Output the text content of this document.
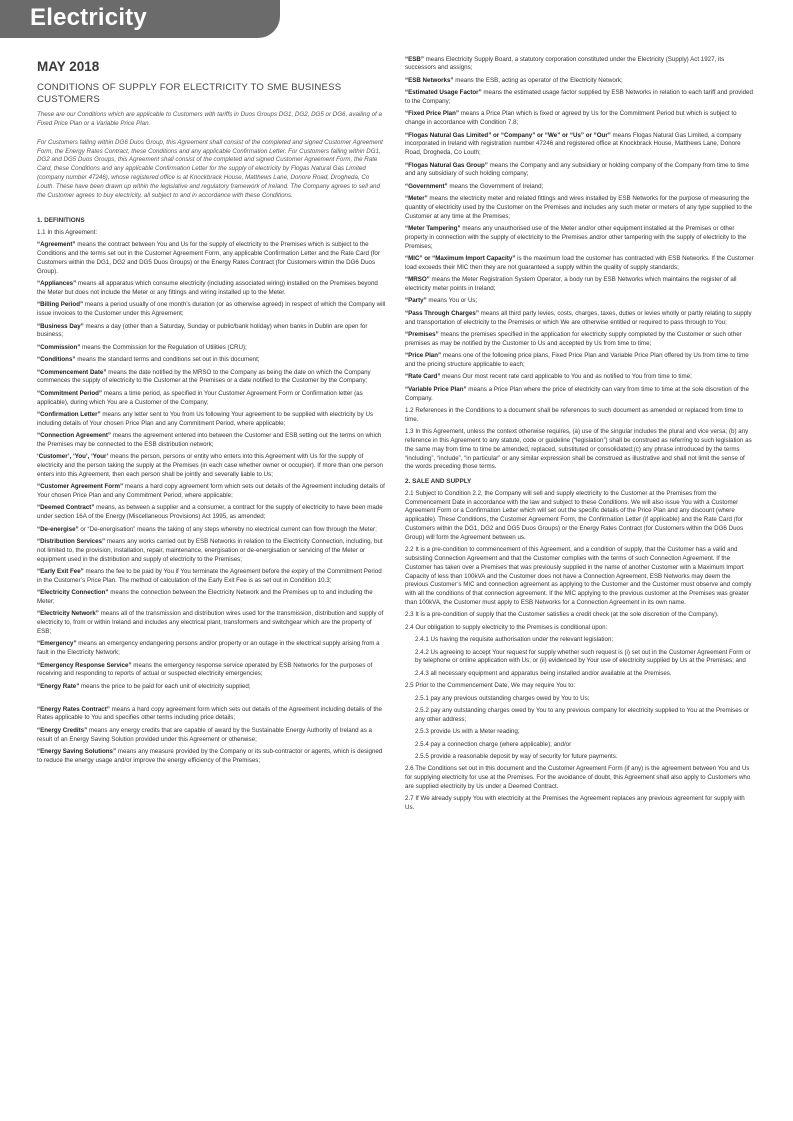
Electricity
MAY 2018
CONDITIONS OF SUPPLY FOR ELECTRICITY TO SME BUSINESS CUSTOMERS
These are our Conditions which are applicable to Customers with tariffs in Duos Groups DG1, DG2, DG5 or DG6, availing of a Fixed Price Plan or a Variable Price Plan.
For Customers falling within DG6 Duos Group, this Agreement shall consist of the completed and signed Customer Agreement Form, the Energy Rates Contract, these Conditions and any applicable Confirmation Letter. For Customers falling within DG1, DG2 and DG5 Duos Groups, this Agreement shall consist of the completed and signed Customer Agreement Form, the Rate Card, these Conditions and any applicable Confirmation Letter for the supply of electricity by Flogas Natural Gas Limited (company number 47246), whose registered office is at Knockbrack House, Matthews Lane, Donore Road, Drogheda, Co Louth. These have been drawn up within the legislative and regulatory framework of Ireland. The Company agrees to sell and the Customer agrees to buy electricity, all subject to and in accordance with these Conditions.
1. DEFINITIONS
1.1 In this Agreement:
“Agreement” means the contract between You and Us for the supply of electricity to the Premises which is subject to the Conditions and the terms set out in the Customer Agreement Form, any applicable Confirmation Letter and the Rate Card (for Customers within the DG1, DG2 and DG5 Duos Groups) or the Energy Rates Contract (for Customers within the DG6 Duos Group).
“Appliances” means all apparatus which consume electricity (including associated wiring) installed on the Premises beyond the Meter but does not include the Meter or any fittings and wiring installed up to the Meter.
“Billing Period” means a period usually of one month’s duration (or as otherwise agreed) in respect of which the Company will issue invoices to the Customer under this Agreement;
“Business Day” means a day (other than a Saturday, Sunday or public/bank holiday) when banks in Dublin are open for business;
“Commission” means the Commission for the Regulation of Utilities (CRU);
“Conditions” means the standard terms and conditions set out in this document;
“Commencement Date” means the date notified by the MRSO to the Company as being the date on which the Company commences the supply of electricity to the Customer at the Premises or a date notified to the Customer by the Company;
“Commitment Period” means a time period, as specified in Your Customer Agreement Form or Confirmation letter (as applicable), during which You are a Customer of the Company;
“Confirmation Letter” means any letter sent to You from Us following Your agreement to be supplied with electricity by Us including details of Your chosen Price Plan and any Commitment Period, where applicable;
“Connection Agreement” means the agreement entered into between the Customer and ESB setting out the terms on which the Premises may be connected to the ESB distribution network;
‘Customer’, ‘You’, ‘Your’ means the person, persons or entity who enters into this Agreement with Us for the supply of electricity and the person taking the supply at the Premises (in each case whether owner or occupier). If more than one person enters into this Agreement, then each person shall be jointly and severally liable to Us;
“Customer Agreement Form” means a hard copy agreement form which sets out details of the Agreement including details of Your chosen Price Plan and any Commitment Period, where applicable;
“Deemed Contract” means, as between a supplier and a consumer, a contract for the supply of electricity to have been made under section 16A of the Energy (Miscellaneous Provisions) Act 1995, as amended;
“De-energise” or “De-energisation” means the taking of any steps whereby no electrical current can flow through the Meter;
“Distribution Services” means any works carried out by ESB Networks in relation to the Electricity Connection, including, but not limited to, the provision, installation, repair, maintenance, energisation or de-energisation or servicing of the Meter or equipment used in the distribution and supply of electricity to the Premises;
“Early Exit Fee” means the fee to be paid by You if You terminate the Agreement before the expiry of the Commitment Period in the Customer’s Price Plan. The method of calculation of the Early Exit Fee is as set out in Condition 10.3;
“Electricity Connection” means the connection between the Electricity Network and the Premises up to and including the Meter;
“Electricity Network” means all of the transmission and distribution wires used for the transmission, distribution and supply of electricity to, from or within Ireland and includes any electrical plant, transformers and switchgear which are the property of ESB;
“Emergency” means an emergency endangering persons and/or property or an outage in the electrical supply arising from a fault in the Electricity Network;
“Emergency Response Service” means the emergency response service operated by ESB Networks for the purposes of receiving and responding to reports of actual or suspected electricity emergencies;
“Energy Rate” means the price to be paid for each unit of electricity supplied;
“Energy Rates Contract” means a hard copy agreement form which sets out details of the Agreement including details of the Rates applicable to You and specifies other terms including price details;
“Energy Credits” means any energy credits that are capable of award by the Sustainable Energy Authority of Ireland as a result of an Energy Saving Solution provided under this Agreement or otherwise;
“Energy Saving Solutions” means any measure provided by the Company or its sub-contractor or agents, which is designed to reduce the energy usage and/or improve the energy efficiency of the Premises;
“ESB” means Electricity Supply Board, a statutory corporation constituted under the Electricity (Supply) Act 1927, its successors and assigns;
“ESB Networks” means the ESB, acting as operator of the Electricity Network;
“Estimated Usage Factor” means the estimated usage factor supplied by ESB Networks in relation to each tariff and provided to the Company;
“Fixed Price Plan” means a Price Plan which is fixed or agreed by Us for the Commitment Period but which is subject to change in accordance with Condition 7.8;
“Flogas Natural Gas Limited” or “Company” or “We” or “Us” or “Our” means Flogas Natural Gas Limited, a company incorporated in Ireland with registration number 47246 and registered office at Knockbrack House, Matthews Lane, Donore Road, Drogheda, Co Louth;
“Flogas Natural Gas Group” means the Company and any subsidiary or holding company of the Company from time to time and any subsidiary of such holding company;
“Government” means the Government of Ireland;
“Meter” means the electricity meter and related fittings and wires installed by ESB Networks for the purpose of measuring the quantity of electricity used by the Customer on the Premises and includes any such meter or meters of any type supplied to the Customer at any time at the Premises;
“Meter Tampering” means any unauthorised use of the Meter and/or other equipment installed at the Premises or other property in connection with the supply of electricity to the Premises and/or other tampering with the supply of electricity to the Premises;
“MIC” or “Maximum Import Capacity” is the maximum load the customer has contracted with ESB Networks. If the Customer load exceeds their MIC then they are not guaranteed a supply within the quality of supply standards;
“MRSO” means the Meter Registration System Operator, a body run by ESB Networks which maintains the register of all electricity meter points in Ireland;
“Party” means You or Us;
“Pass Through Charges” means all third party levies, costs, charges, taxes, duties or levies wholly or partly relating to supply and transportation of electricity to the Premises or which We are otherwise entitled or required to pass through to You;
“Premises” means the premises specified in the application for electricity supply completed by the Customer or such other premises as may be notified by the Customer to Us and accepted by Us from time to time;
“Price Plan” means one of the following price plans, Fixed Price Plan and Variable Price Plan offered by Us from time to time and the pricing structure applicable to each;
“Rate Card” means Our most recent rate card applicable to You and as notified to You from time to time;
“Variable Price Plan” means a Price Plan where the price of electricity can vary from time to time at the sole discretion of the Company.
1.2 References in the Conditions to a document shall be references to such document as amended or replaced from time to time.
1.3 In this Agreement, unless the context otherwise requires, (a) use of the singular includes the plural and vice versa; (b) any reference in this Agreement to any statute, code or guideline (“legislation”) shall be construed as referring to such legislation as the same may from time to time be amended, replaced, substituted or consolidated;(c) any phrase introduced by the terms “including”, “include”, “in particular” or any similar expression shall be construed as illustrative and shall not limit the sense of the words preceding those terms.
2. SALE AND SUPPLY
2.1 Subject to Condition 2.2, the Company will sell and supply electricity to the Customer at the Premises from the Commencement Date in accordance with the law and subject to these Conditions. We will also issue You with a Customer Agreement Form or a Confirmation Letter which will set out the specific details of the Price Plan and any discount (where applicable). These Conditions, the Customer Agreement Form, the Confirmation Letter (if applicable) and the Rate Card (for Customers within the DG1, DG2 and DG5 Duos Groups) or the Energy Rates Contract (for Customers within the DG6 Duos Group) will form the Agreement between us.
2.2 It is a pre-condition to commencement of this Agreement, and a condition of supply, that the Customer has a valid and subsisting Connection Agreement and that the Customer complies with the terms of such Connection Agreement. If the Customer has taken over a Premises that was previously supplied in the name of another Customer with a Maximum Import Capacity of less than 100kVA and the Customer does not have a Connection Agreement, ESB Networks may deem the previous Customer’s MIC and connection agreement as applying to the Customer and the Customer must observe and comply with all the conditions of that connection agreement. If the MIC applying to the previous customer at the Premises was greater than 100kVA, the Customer must apply to ESB Networks for a Connection Agreement in its own name.
2.3 It is a pre-condition of supply that the Customer satisfies a credit check (at the sole discretion of the Company).
2.4 Our obligation to supply electricity to the Premises is conditional upon:
2.4.1 Us having the requisite authorisation under the relevant legislation;
2.4.2 Us agreeing to accept Your request for supply whether such request is (i) set out in the Customer Agreement Form or by telephone or online application with Us; or (ii) evidenced by Your use of electricity supplied by Us at the Premises; and
2.4.3 all necessary equipment and apparatus being installed and/or available at the Premises.
2.5 Prior to the Commencement Date, We may require You to:
2.5.1 pay any previous outstanding charges owed by You to Us;
2.5.2 pay any outstanding charges owed by You to any previous company for electricity supplied to You at the Premises or any other address;
2.5.3 provide Us with a Meter reading;
2.5.4 pay a connection charge (where applicable); and/or
2.5.5 provide a reasonable deposit by way of security for future payments.
2.6 The Conditions set out in this document and the Customer Agreement Form (if any) is the agreement between You and Us for supplying electricity for use at the Premises. For the avoidance of doubt, this Agreement shall also apply to Customers who are supplied electricity by Us under a Deemed Contract.
2.7 If We already supply You with electricity at the Premises the Agreement replaces any previous agreement for supply with Us.
